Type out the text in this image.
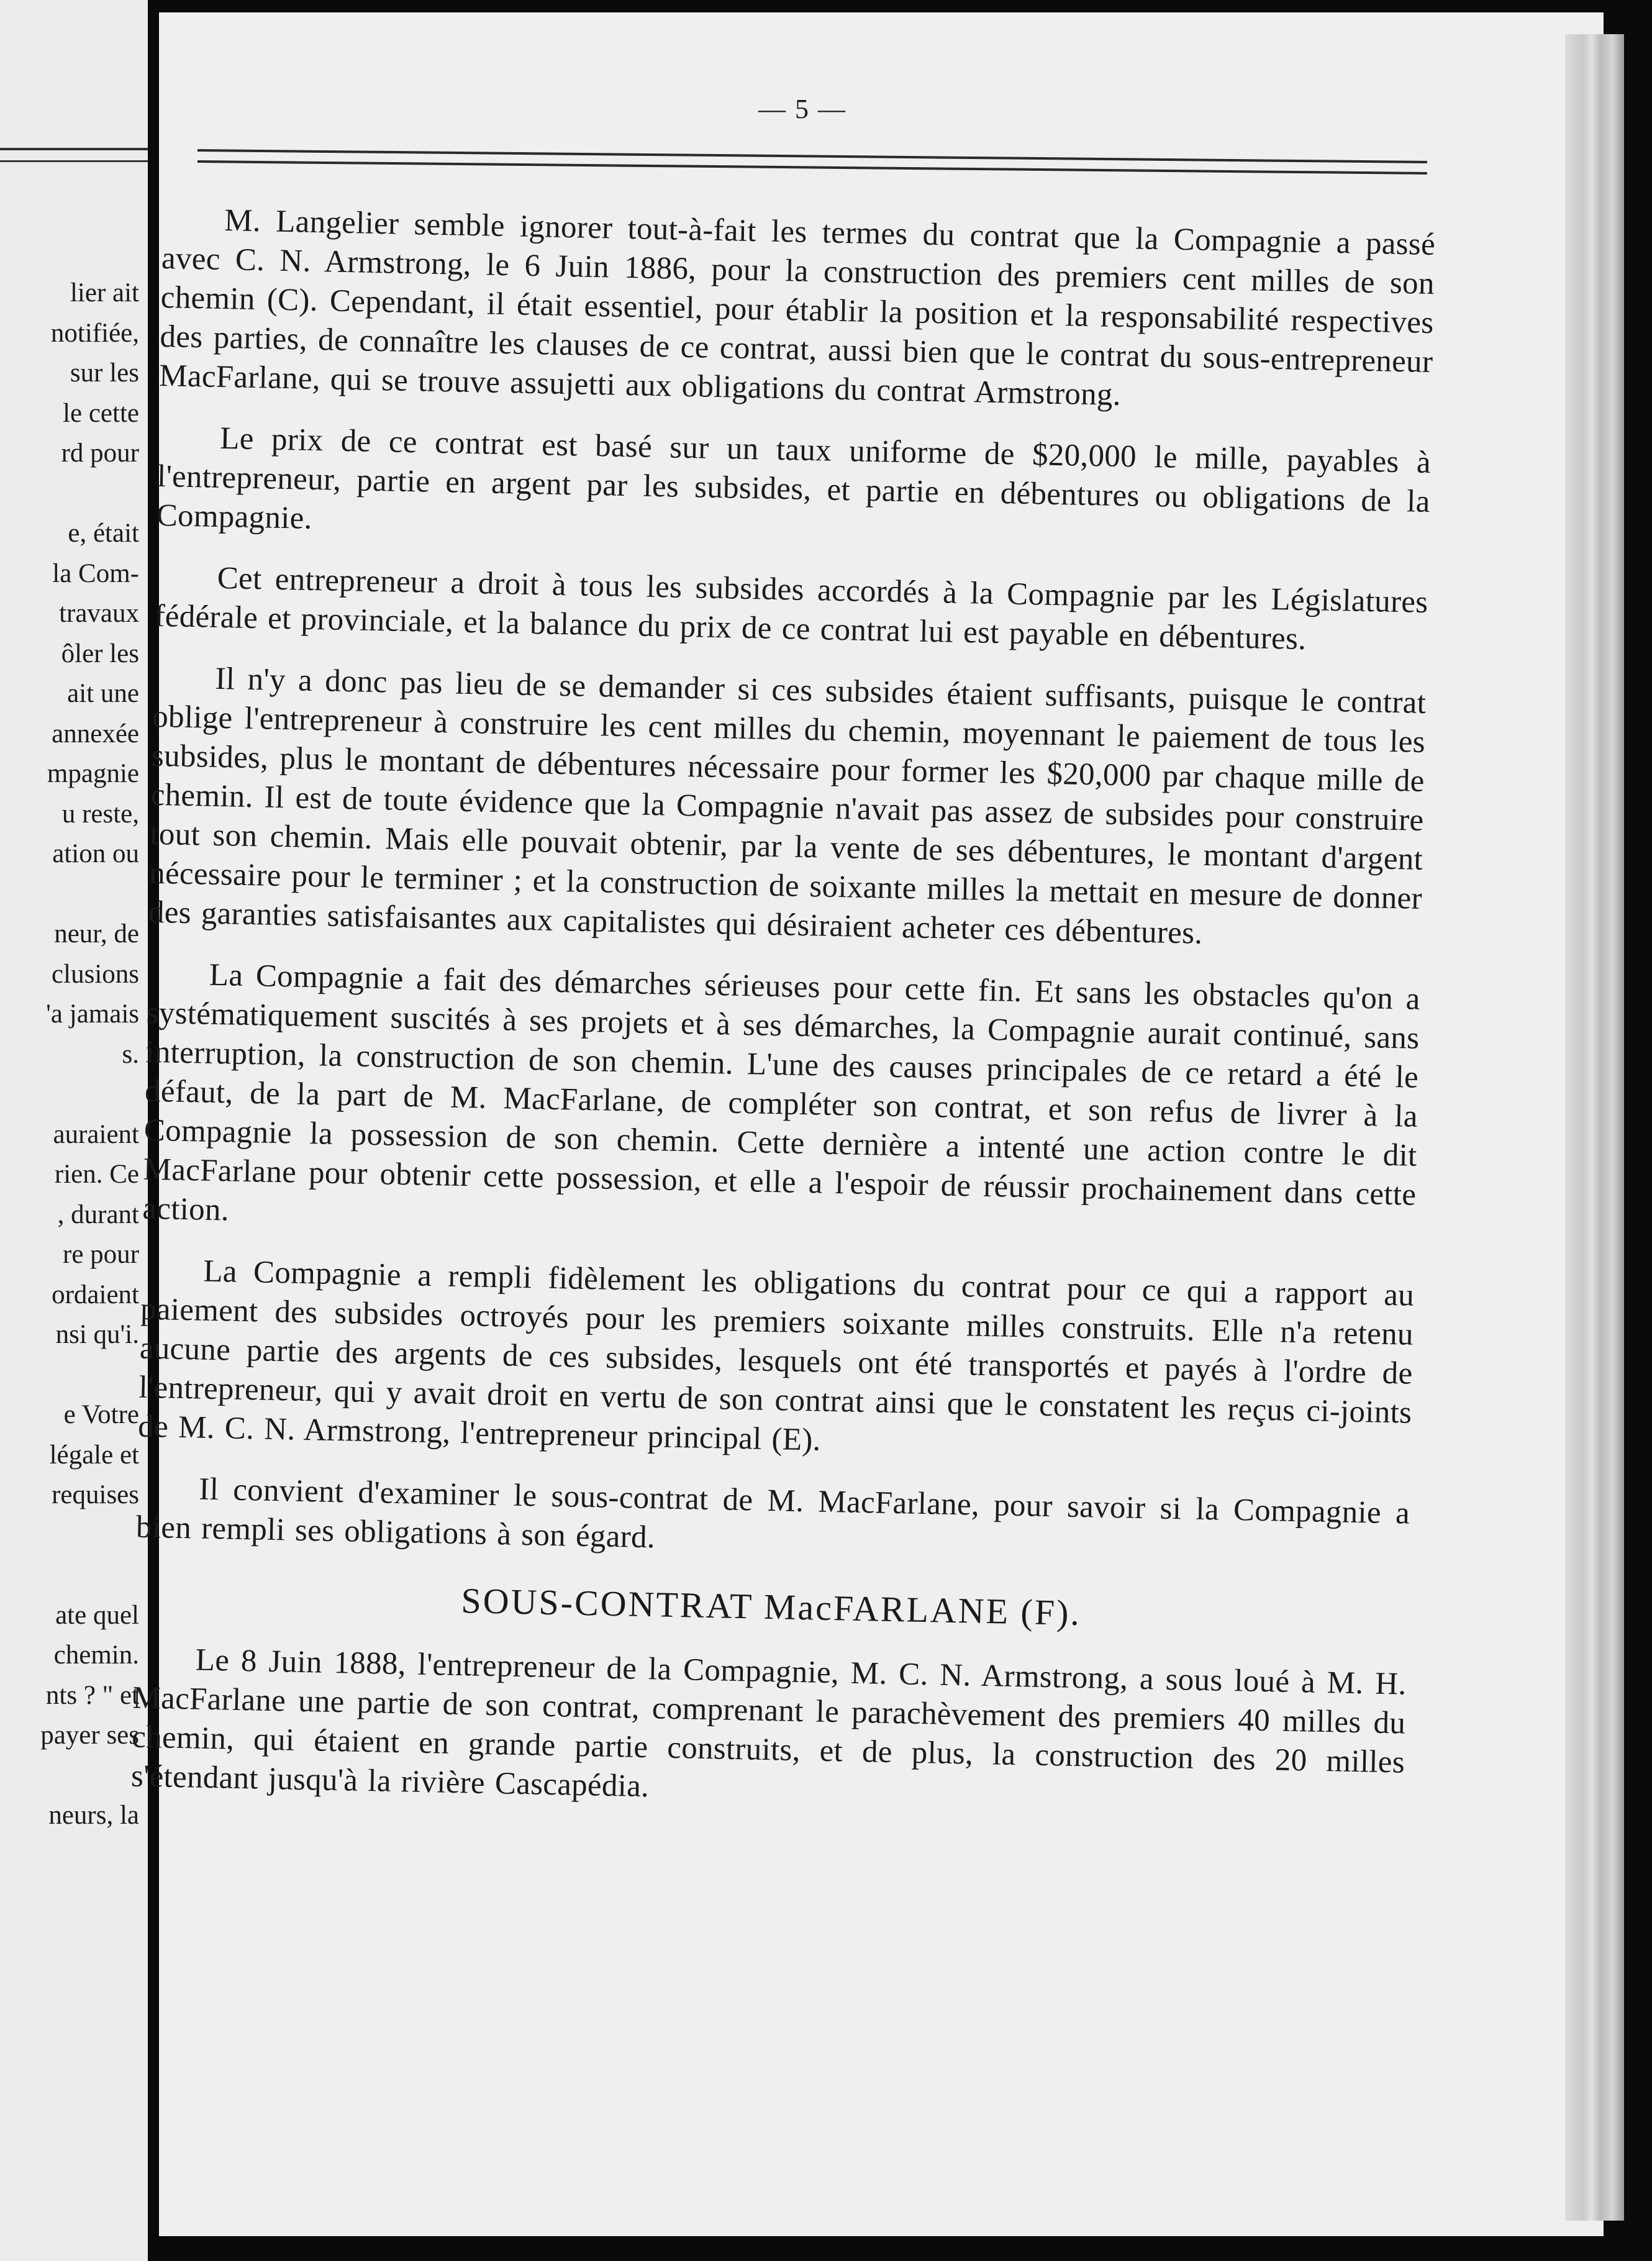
lier ait
notifiée,
sur les
le cette
rd pour
e, était
la Com-
travaux
ôler les
ait une
annexée
mpagnie
u reste,
ation ou
neur, de
clusions
'a jamais
s.
auraient
rien. Ce
, durant
re pour
ordaient
nsi qu'i.
e Votre
légale et
requises
ate quel
chemin.
nts ? " et
payer ses
neurs, la
— 5 —

M. Langelier semble ignorer tout-à-fait les termes du contrat que la Compagnie a passé avec C. N. Armstrong, le 6 Juin 1886, pour la construction des premiers cent milles de son chemin (C). Cependant, il était essentiel, pour établir la position et la responsabilité respectives des parties, de connaître les clauses de ce contrat, aussi bien que le contrat du sous-entrepreneur MacFarlane, qui se trouve assujetti aux obligations du contrat Armstrong.

Le prix de ce contrat est basé sur un taux uniforme de $20,000 le mille, payables à l'entrepreneur, partie en argent par les subsides, et partie en débentures ou obligations de la Compagnie.

Cet entrepreneur a droit à tous les subsides accordés à la Compagnie par les Législatures fédérale et provinciale, et la balance du prix de ce contrat lui est payable en débentures.

Il n'y a donc pas lieu de se demander si ces subsides étaient suffisants, puisque le contrat oblige l'entrepreneur à construire les cent milles du chemin, moyennant le paiement de tous les subsides, plus le montant de débentures nécessaire pour former les $20,000 par chaque mille de chemin. Il est de toute évidence que la Compagnie n'avait pas assez de subsides pour construire tout son chemin. Mais elle pouvait obtenir, par la vente de ses débentures, le montant d'argent nécessaire pour le terminer ; et la construction de soixante milles la mettait en mesure de donner des garanties satisfaisantes aux capitalistes qui désiraient acheter ces débentures.

La Compagnie a fait des démarches sérieuses pour cette fin. Et sans les obstacles qu'on a systématiquement suscités à ses projets et à ses démarches, la Compagnie aurait continué, sans interruption, la construction de son chemin. L'une des causes principales de ce retard a été le défaut, de la part de M. MacFarlane, de compléter son contrat, et son refus de livrer à la Compagnie la possession de son chemin. Cette dernière a intenté une action contre le dit MacFarlane pour obtenir cette possession, et elle a l'espoir de réussir prochainement dans cette action.

La Compagnie a rempli fidèlement les obligations du contrat pour ce qui a rapport au paiement des subsides octroyés pour les premiers soixante milles construits. Elle n'a retenu aucune partie des argents de ces subsides, lesquels ont été transportés et payés à l'ordre de l'entrepreneur, qui y avait droit en vertu de son contrat ainsi que le constatent les reçus ci-joints de M. C. N. Armstrong, l'entrepreneur principal (E).

Il convient d'examiner le sous-contrat de M. MacFarlane, pour savoir si la Compagnie a bien rempli ses obligations à son égard.

SOUS-CONTRAT MacFARLANE (F).

Le 8 Juin 1888, l'entrepreneur de la Compagnie, M. C. N. Armstrong, a sous loué à M. H. MacFarlane une partie de son contrat, comprenant le parachèvement des premiers 40 milles du chemin, qui étaient en grande partie construits, et de plus, la construction des 20 milles s'étendant jusqu'à la rivière Cascapédia.
